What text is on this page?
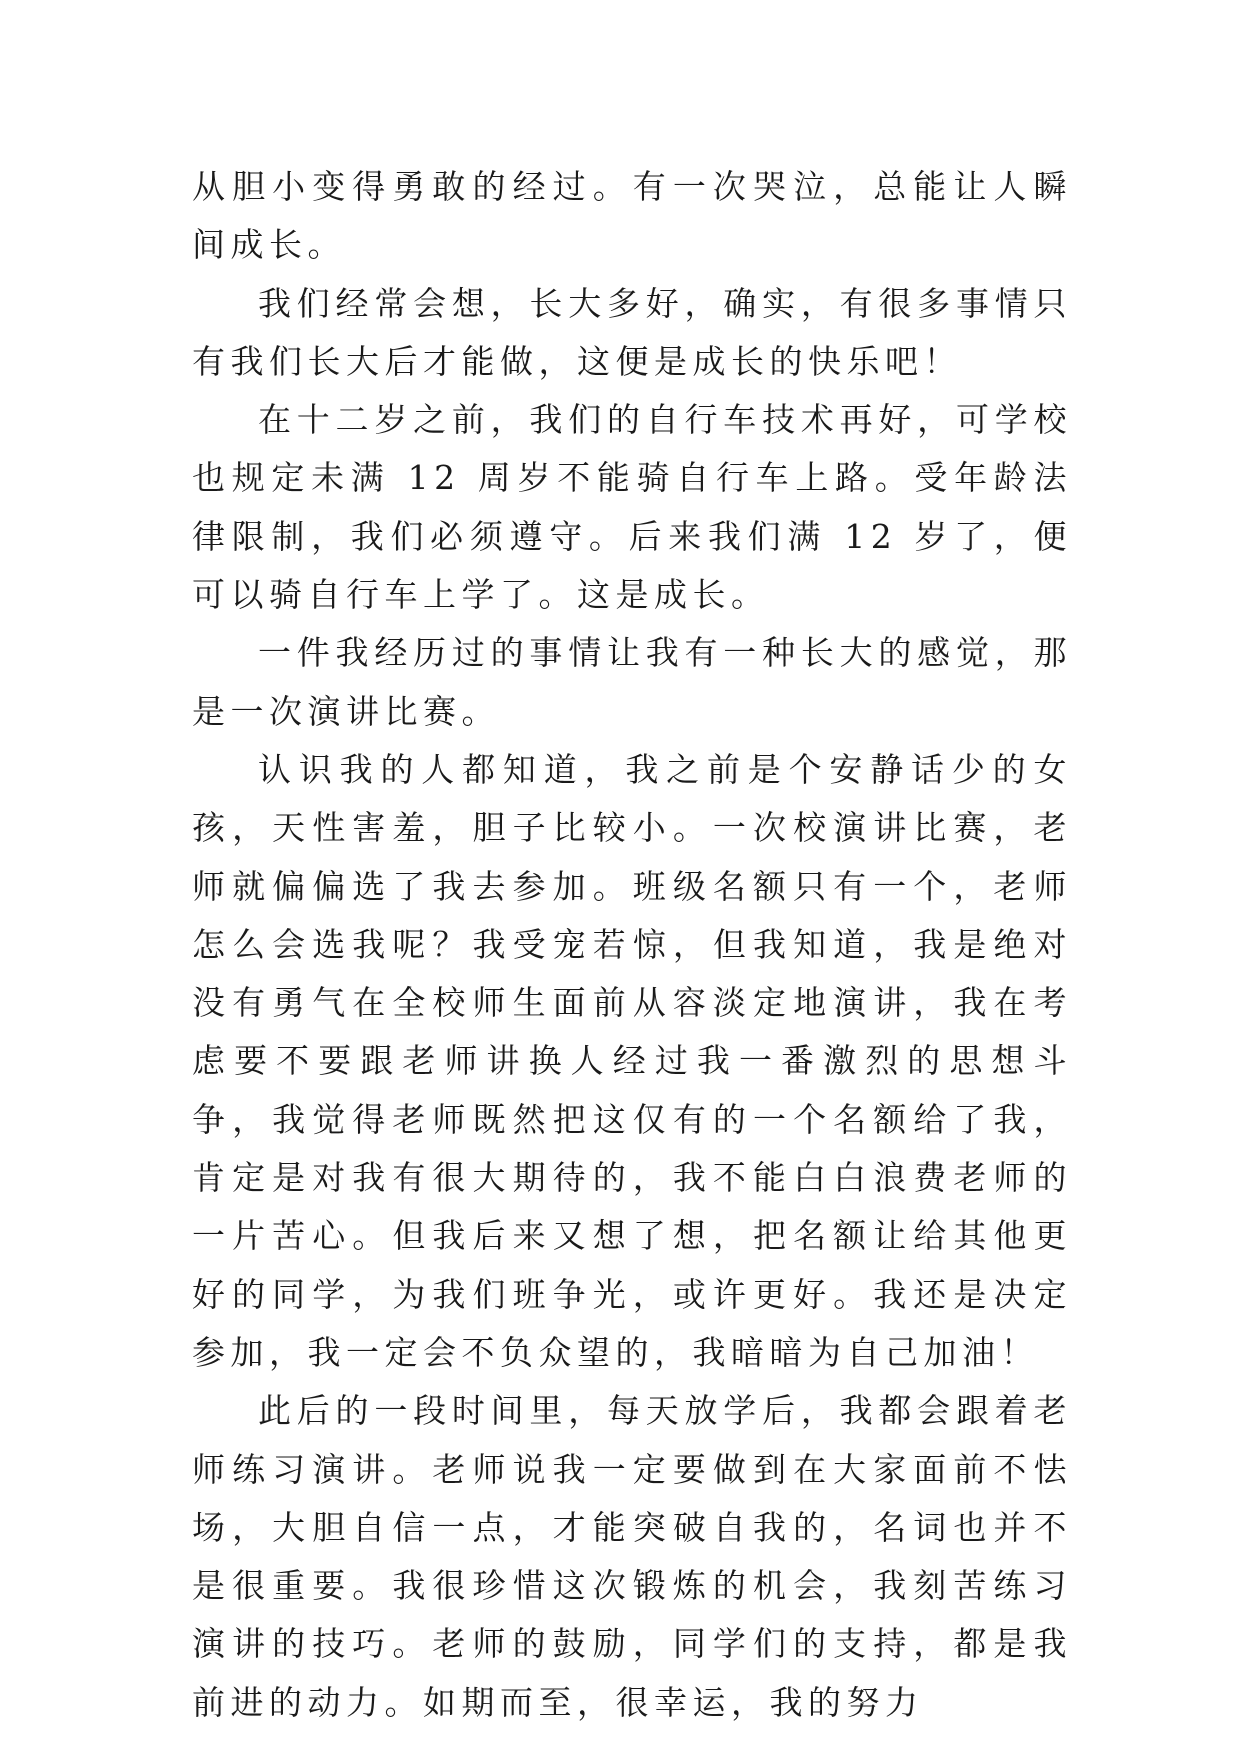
从胆小变得勇敢的经过。有一次哭泣，总能让人瞬间成长。

我们经常会想，长大多好，确实，有很多事情只有我们长大后才能做，这便是成长的快乐吧！

在十二岁之前，我们的自行车技术再好，可学校也规定未满 12 周岁不能骑自行车上路。受年龄法律限制，我们必须遵守。后来我们满 12 岁了，便可以骑自行车上学了。这是成长。

一件我经历过的事情让我有一种长大的感觉，那是一次演讲比赛。

认识我的人都知道，我之前是个安静话少的女孩，天性害羞，胆子比较小。一次校演讲比赛，老师就偏偏选了我去参加。班级名额只有一个，老师怎么会选我呢？我受宠若惊，但我知道，我是绝对没有勇气在全校师生面前从容淡定地演讲，我在考虑要不要跟老师讲换人经过我一番激烈的思想斗争，我觉得老师既然把这仅有的一个名额给了我，肯定是对我有很大期待的，我不能白白浪费老师的一片苦心。但我后来又想了想，把名额让给其他更好的同学，为我们班争光，或许更好。我还是决定参加，我一定会不负众望的，我暗暗为自己加油！

此后的一段时间里，每天放学后，我都会跟着老师练习演讲。老师说我一定要做到在大家面前不怯场，大胆自信一点，才能突破自我的，名词也并不是很重要。我很珍惜这次锻炼的机会，我刻苦练习演讲的技巧。老师的鼓励，同学们的支持，都是我前进的动力。如期而至，很幸运，我的努力
